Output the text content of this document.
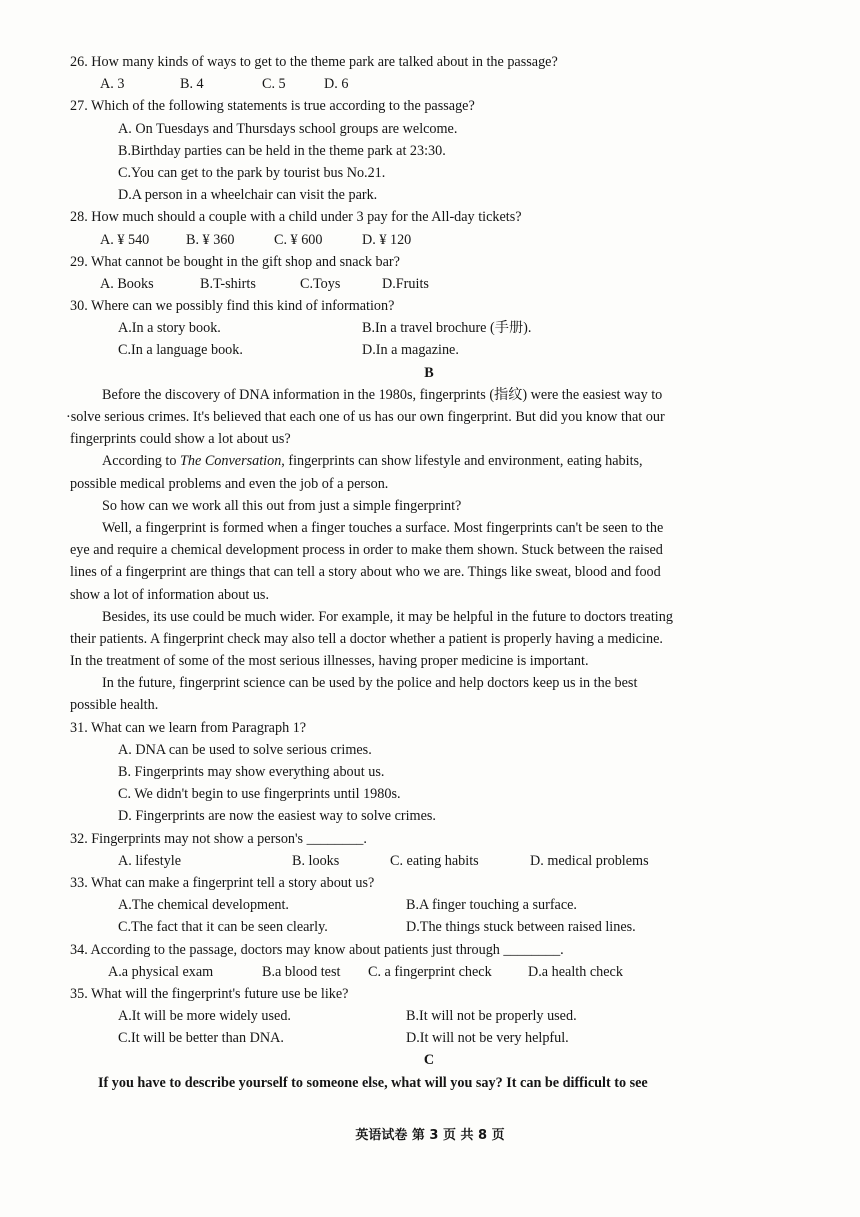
26. How many kinds of ways to get to the theme park are talked about in the passage?
A. 3	B. 4	C. 5	D. 6
27. Which of the following statements is true according to the passage?
A. On Tuesdays and Thursdays school groups are welcome.
B.Birthday parties can be held in the theme park at 23:30.
C.You can get to the park by tourist bus No.21.
D.A person in a wheelchair can visit the park.
28. How much should a couple with a child under 3 pay for the All-day tickets?
A. ¥ 540	B. ¥ 360	C. ¥ 600	D. ¥ 120
29. What cannot be bought in the gift shop and snack bar?
A. Books	B.T-shirts	C.Toys	D.Fruits
30. Where can we possibly find this kind of information?
A.In a story book.	B.In a travel brochure (手册).
C.In a language book.	D.In a magazine.
B
Before the discovery of DNA information in the 1980s, fingerprints (指纹) were the easiest way to
·solve serious crimes. It's believed that each one of us has our own fingerprint. But did you know that our
fingerprints could show a lot about us?
According to The Conversation, fingerprints can show lifestyle and environment, eating habits,
possible medical problems and even the job of a person.
So how can we work all this out from just a simple fingerprint?
Well, a fingerprint is formed when a finger touches a surface. Most fingerprints can't be seen to the
eye and require a chemical development process in order to make them shown. Stuck between the raised
lines of a fingerprint are things that can tell a story about who we are. Things like sweat, blood and food
show a lot of information about us.
Besides, its use could be much wider. For example, it may be helpful in the future to doctors treating
their patients. A fingerprint check may also tell a doctor whether a patient is properly having a medicine.
In the treatment of some of the most serious illnesses, having proper medicine is important.
In the future, fingerprint science can be used by the police and help doctors keep us in the best
possible health.
31. What can we learn from Paragraph 1?
A. DNA can be used to solve serious crimes.
B. Fingerprints may show everything about us.
C. We didn't begin to use fingerprints until 1980s.
D. Fingerprints are now the easiest way to solve crimes.
32. Fingerprints may not show a person's ________.
A. lifestyle	B. looks	C. eating habits	D. medical problems
33. What can make a fingerprint tell a story about us?
A.The chemical development.	B.A finger touching a surface.
C.The fact that it can be seen clearly.	D.The things stuck between raised lines.
34. According to the passage, doctors may know about patients just through ________.
A.a physical exam	B.a blood test	C. a fingerprint check	D.a health check
35. What will the fingerprint's future use be like?
A.It will be more widely used.	B.It will not be properly used.
C.It will be better than DNA.	D.It will not be very helpful.
C
If you have to describe yourself to someone else, what will you say? It can be difficult to see
英语试卷 第 3 页 共 8 页
